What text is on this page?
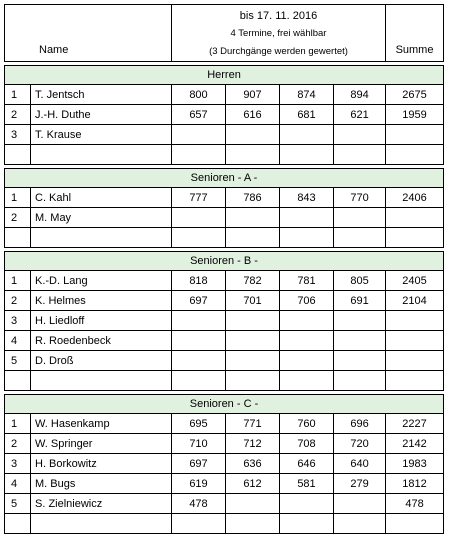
Name		bis 17. 11. 2016
4 Termine, frei wählbar
(3 Durchgänge werden gewertet)				Summe

Herren						
1	T. Jentsch	800	907	874	894	2675
2	J.-H. Duthe	657	616	681	621	1959
3	T. Krause					

Senioren - A -						
1	C. Kahl	777	786	843	770	2406
2	M. May					

Senioren - B -						
1	K.-D. Lang	818	782	781	805	2405
2	K. Helmes	697	701	706	691	2104
3	H. Liedloff					
4	R. Roedenbeck					
5	D. Droß					

Senioren - C -						
1	W. Hasenkamp	695	771	760	696	2227
2	W. Springer	710	712	708	720	2142
3	H. Borkowitz	697	636	646	640	1983
4	M. Bugs	619	612	581	279	1812
5	S. Zielniewicz	478				478
